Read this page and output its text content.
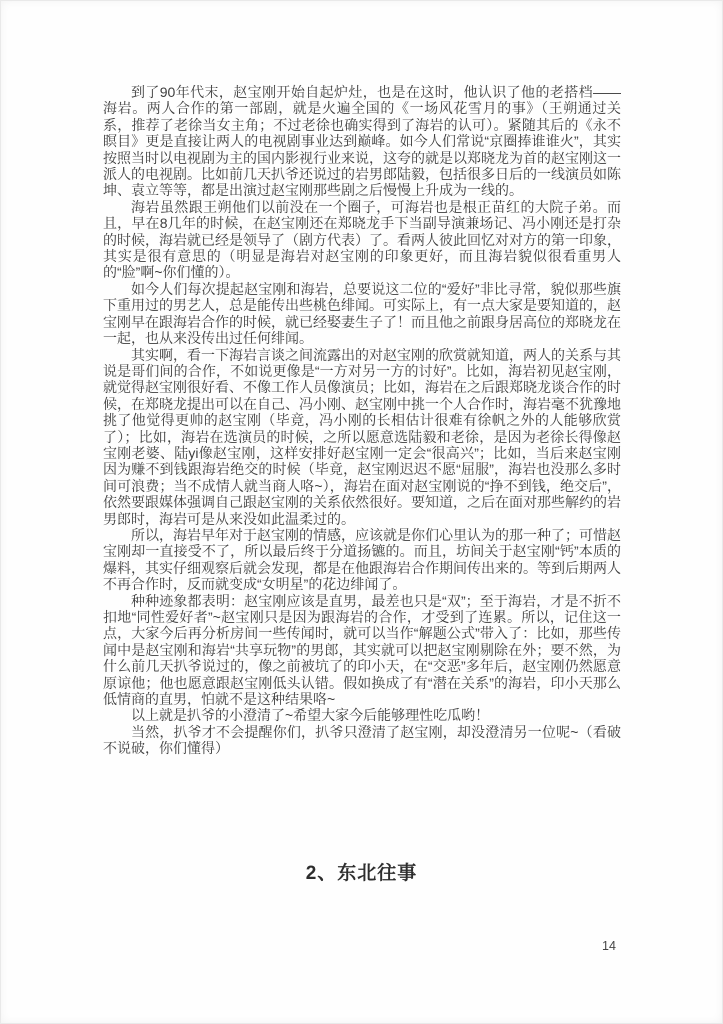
到了90年代末，赵宝刚开始自起炉灶，也是在这时，他认识了他的老搭档——海岩。两人合作的第一部剧，就是火遍全国的《一场风花雪月的事》（王朔通过关系，推荐了老徐当女主角；不过老徐也确实得到了海岩的认可）。紧随其后的《永不瞑目》更是直接让两人的电视剧事业达到巅峰。如今人们常说“京圈捧谁谁火”，其实按照当时以电视剧为主的国内影视行业来说，这夸的就是以郑晓龙为首的赵宝刚这一派人的电视剧。比如前几天扒爷还说过的岩男郎陆毅，包括很多日后的一线演员如陈坤、袁立等等，都是出演过赵宝刚那些剧之后慢慢上升成为一线的。

海岩虽然跟王朔他们以前没在一个圈子，可海岩也是根正苗红的大院子弟。而且，早在8几年的时候，在赵宝刚还在郑晓龙手下当副导演兼场记、冯小刚还是打杂的时候，海岩就已经是领导了（剧方代表）了。看两人彼此回忆对对方的第一印象，其实是很有意思的（明显是海岩对赵宝刚的印象更好，而且海岩貌似很看重男人的“脸”啊~你们懂的）。

如今人们每次提起赵宝刚和海岩，总要说这二位的“爱好”非比寻常，貌似那些旗下重用过的男艺人，总是能传出些桃色绯闻。可实际上，有一点大家是要知道的，赵宝刚早在跟海岩合作的时候，就已经娶妻生子了！而且他之前跟身居高位的郑晓龙在一起，也从来没传出过任何绯闻。

其实啊，看一下海岩言谈之间流露出的对赵宝刚的欣赏就知道，两人的关系与其说是哥们间的合作，不如说更像是“一方对另一方的讨好”。比如，海岩初见赵宝刚，就觉得赵宝刚很好看、不像工作人员像演员；比如，海岩在之后跟郑晓龙谈合作的时候，在郑晓龙提出可以在自己、冯小刚、赵宝刚中挑一个人合作时，海岩毫不犹豫地挑了他觉得更帅的赵宝刚（毕竟，冯小刚的长相估计很难有徐帆之外的人能够欣赏了）；比如，海岩在选演员的时候，之所以愿意选陆毅和老徐，是因为老徐长得像赵宝刚老婆、陆yi像赵宝刚，这样安排好赵宝刚一定会“很高兴”；比如，当后来赵宝刚因为赚不到钱跟海岩绝交的时候（毕竟，赵宝刚迟迟不愿“屈服”，海岩也没那么多时间可浪费；当不成情人就当商人咯~），海岩在面对赵宝刚说的“挣不到钱，绝交后”，依然要跟媒体强调自己跟赵宝刚的关系依然很好。要知道，之后在面对那些解约的岩男郎时，海岩可是从来没如此温柔过的。

所以，海岩早年对于赵宝刚的情感，应该就是你们心里认为的那一种了；可惜赵宝刚却一直接受不了，所以最后终于分道扬镳的。而且，坊间关于赵宝刚“钙”本质的爆料，其实仔细观察后就会发现，都是在他跟海岩合作期间传出来的。等到后期两人不再合作时，反而就变成“女明星”的花边绯闻了。

种种迹象都表明：赵宝刚应该是直男，最差也只是“双”；至于海岩，才是不折不扣地“同性爱好者”~赵宝刚只是因为跟海岩的合作，才受到了连累。所以，记住这一点，大家今后再分析房间一些传闻时，就可以当作“解题公式”带入了：比如，那些传闻中是赵宝刚和海岩“共享玩物”的男郎，其实就可以把赵宝刚剔除在外；要不然，为什么前几天扒爷说过的，像之前被坑了的印小天，在“交恶”多年后，赵宝刚仍然愿意原谅他；他也愿意跟赵宝刚低头认错。假如换成了有“潜在关系”的海岩，印小天那么低情商的直男，怕就不是这种结果咯~

以上就是扒爷的小澄清了~希望大家今后能够理性吃瓜哟！

当然，扒爷才不会提醒你们，扒爷只澄清了赵宝刚，却没澄清另一位呢~（看破不说破，你们懂得）

2、东北往事
14
